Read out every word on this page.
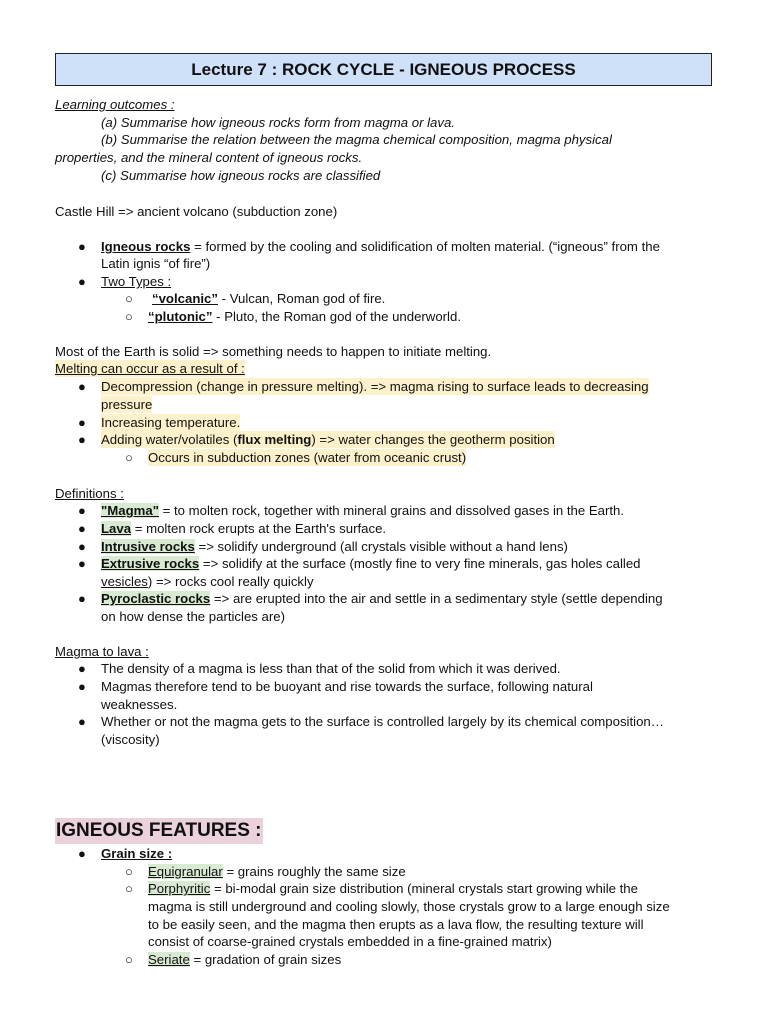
Lecture 7 : ROCK CYCLE - IGNEOUS PROCESS
Learning outcomes :
(a) Summarise how igneous rocks form from magma or lava.
(b) Summarise the relation between the magma chemical composition, magma physical
properties, and the mineral content of igneous rocks.
(c) Summarise how igneous rocks are classified
Castle Hill => ancient volcano (subduction zone)
● Igneous rocks = formed by the cooling and solidification of molten material. (“igneous” from the
Latin ignis “of fire”)
● Two Types :
○ “volcanic” - Vulcan, Roman god of fire.
○ “plutonic” - Pluto, the Roman god of the underworld.
Most of the Earth is solid => something needs to happen to initiate melting.
Melting can occur as a result of :
● Decompression (change in pressure melting). => magma rising to surface leads to decreasing
pressure
● Increasing temperature.
● Adding water/volatiles (flux melting) => water changes the geotherm position
○ Occurs in subduction zones (water from oceanic crust)
Definitions :
● "Magma" = to molten rock, together with mineral grains and dissolved gases in the Earth.
● Lava = molten rock erupts at the Earth's surface.
● Intrusive rocks => solidify underground (all crystals visible without a hand lens)
● Extrusive rocks => solidify at the surface (mostly fine to very fine minerals, gas holes called
vesicles) => rocks cool really quickly
● Pyroclastic rocks => are erupted into the air and settle in a sedimentary style (settle depending
on how dense the particles are)
Magma to lava :
● The density of a magma is less than that of the solid from which it was derived.
● Magmas therefore tend to be buoyant and rise towards the surface, following natural
weaknesses.
● Whether or not the magma gets to the surface is controlled largely by its chemical composition…
(viscosity)
IGNEOUS FEATURES :
● Grain size :
○ Equigranular = grains roughly the same size
○ Porphyritic = bi-modal grain size distribution (mineral crystals start growing while the
magma is still underground and cooling slowly, those crystals grow to a large enough size
to be easily seen, and the magma then erupts as a lava flow, the resulting texture will
consist of coarse-grained crystals embedded in a fine-grained matrix)
○ Seriate = gradation of grain sizes
